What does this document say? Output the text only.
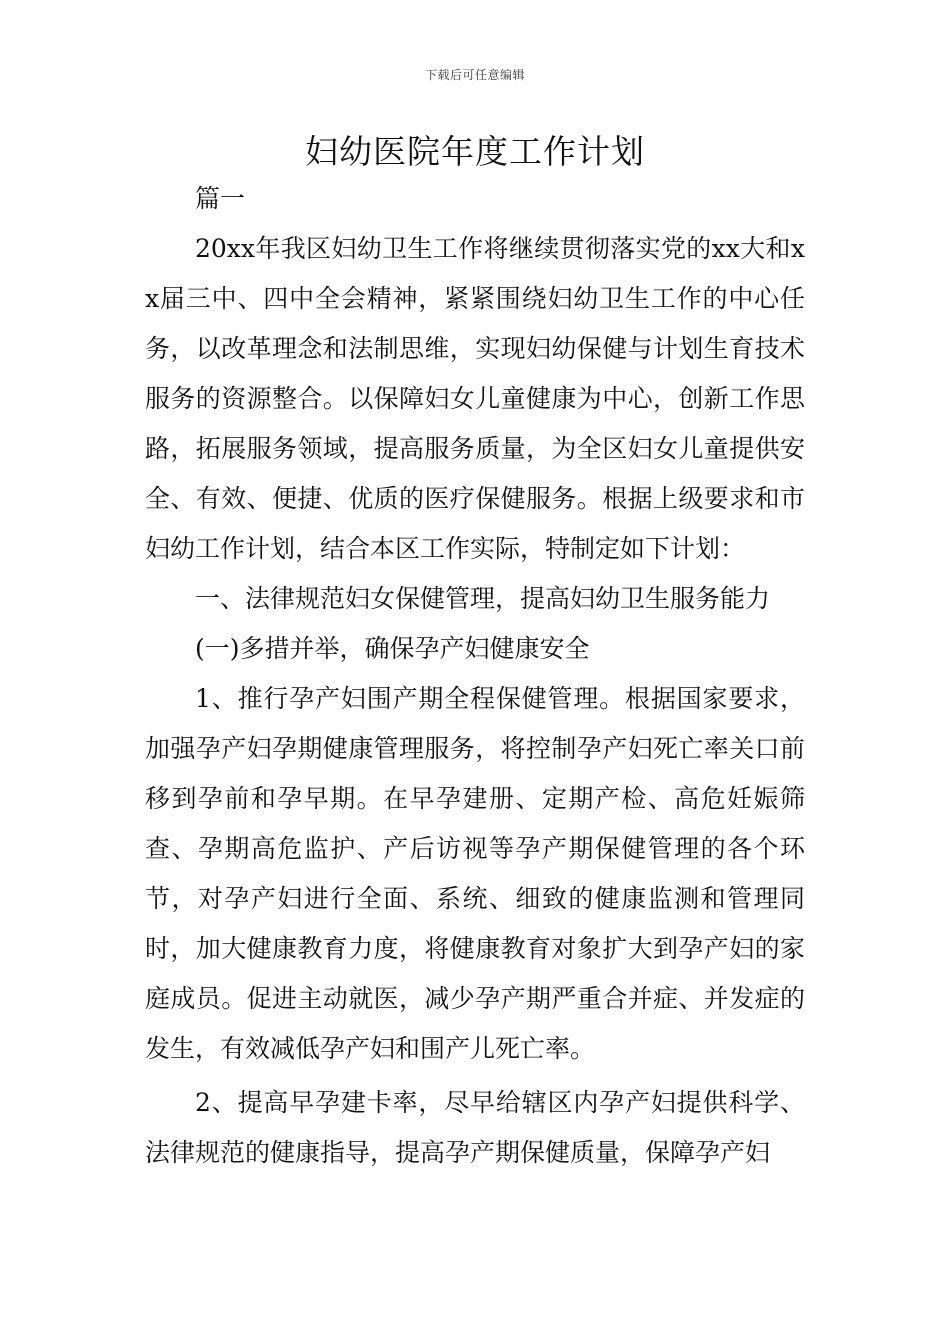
下载后可任意编辑
妇幼医院年度工作计划

篇一

20xx年我区妇幼卫生工作将继续贯彻落实党的xx大和xx届三中、四中全会精神，紧紧围绕妇幼卫生工作的中心任务，以改革理念和法制思维，实现妇幼保健与计划生育技术服务的资源整合。以保障妇女儿童健康为中心，创新工作思路，拓展服务领域，提高服务质量，为全区妇女儿童提供安全、有效、便捷、优质的医疗保健服务。根据上级要求和市妇幼工作计划，结合本区工作实际，特制定如下计划：

一、法律规范妇女保健管理，提高妇幼卫生服务能力

(一)多措并举，确保孕产妇健康安全

1、推行孕产妇围产期全程保健管理。根据国家要求，加强孕产妇孕期健康管理服务，将控制孕产妇死亡率关口前移到孕前和孕早期。在早孕建册、定期产检、高危妊娠筛查、孕期高危监护、产后访视等孕产期保健管理的各个环节，对孕产妇进行全面、系统、细致的健康监测和管理同时，加大健康教育力度，将健康教育对象扩大到孕产妇的家庭成员。促进主动就医，减少孕产期严重合并症、并发症的发生，有效减低孕产妇和围产儿死亡率。

2、提高早孕建卡率，尽早给辖区内孕产妇提供科学、法律规范的健康指导，提高孕产期保健质量，保障孕产妇
